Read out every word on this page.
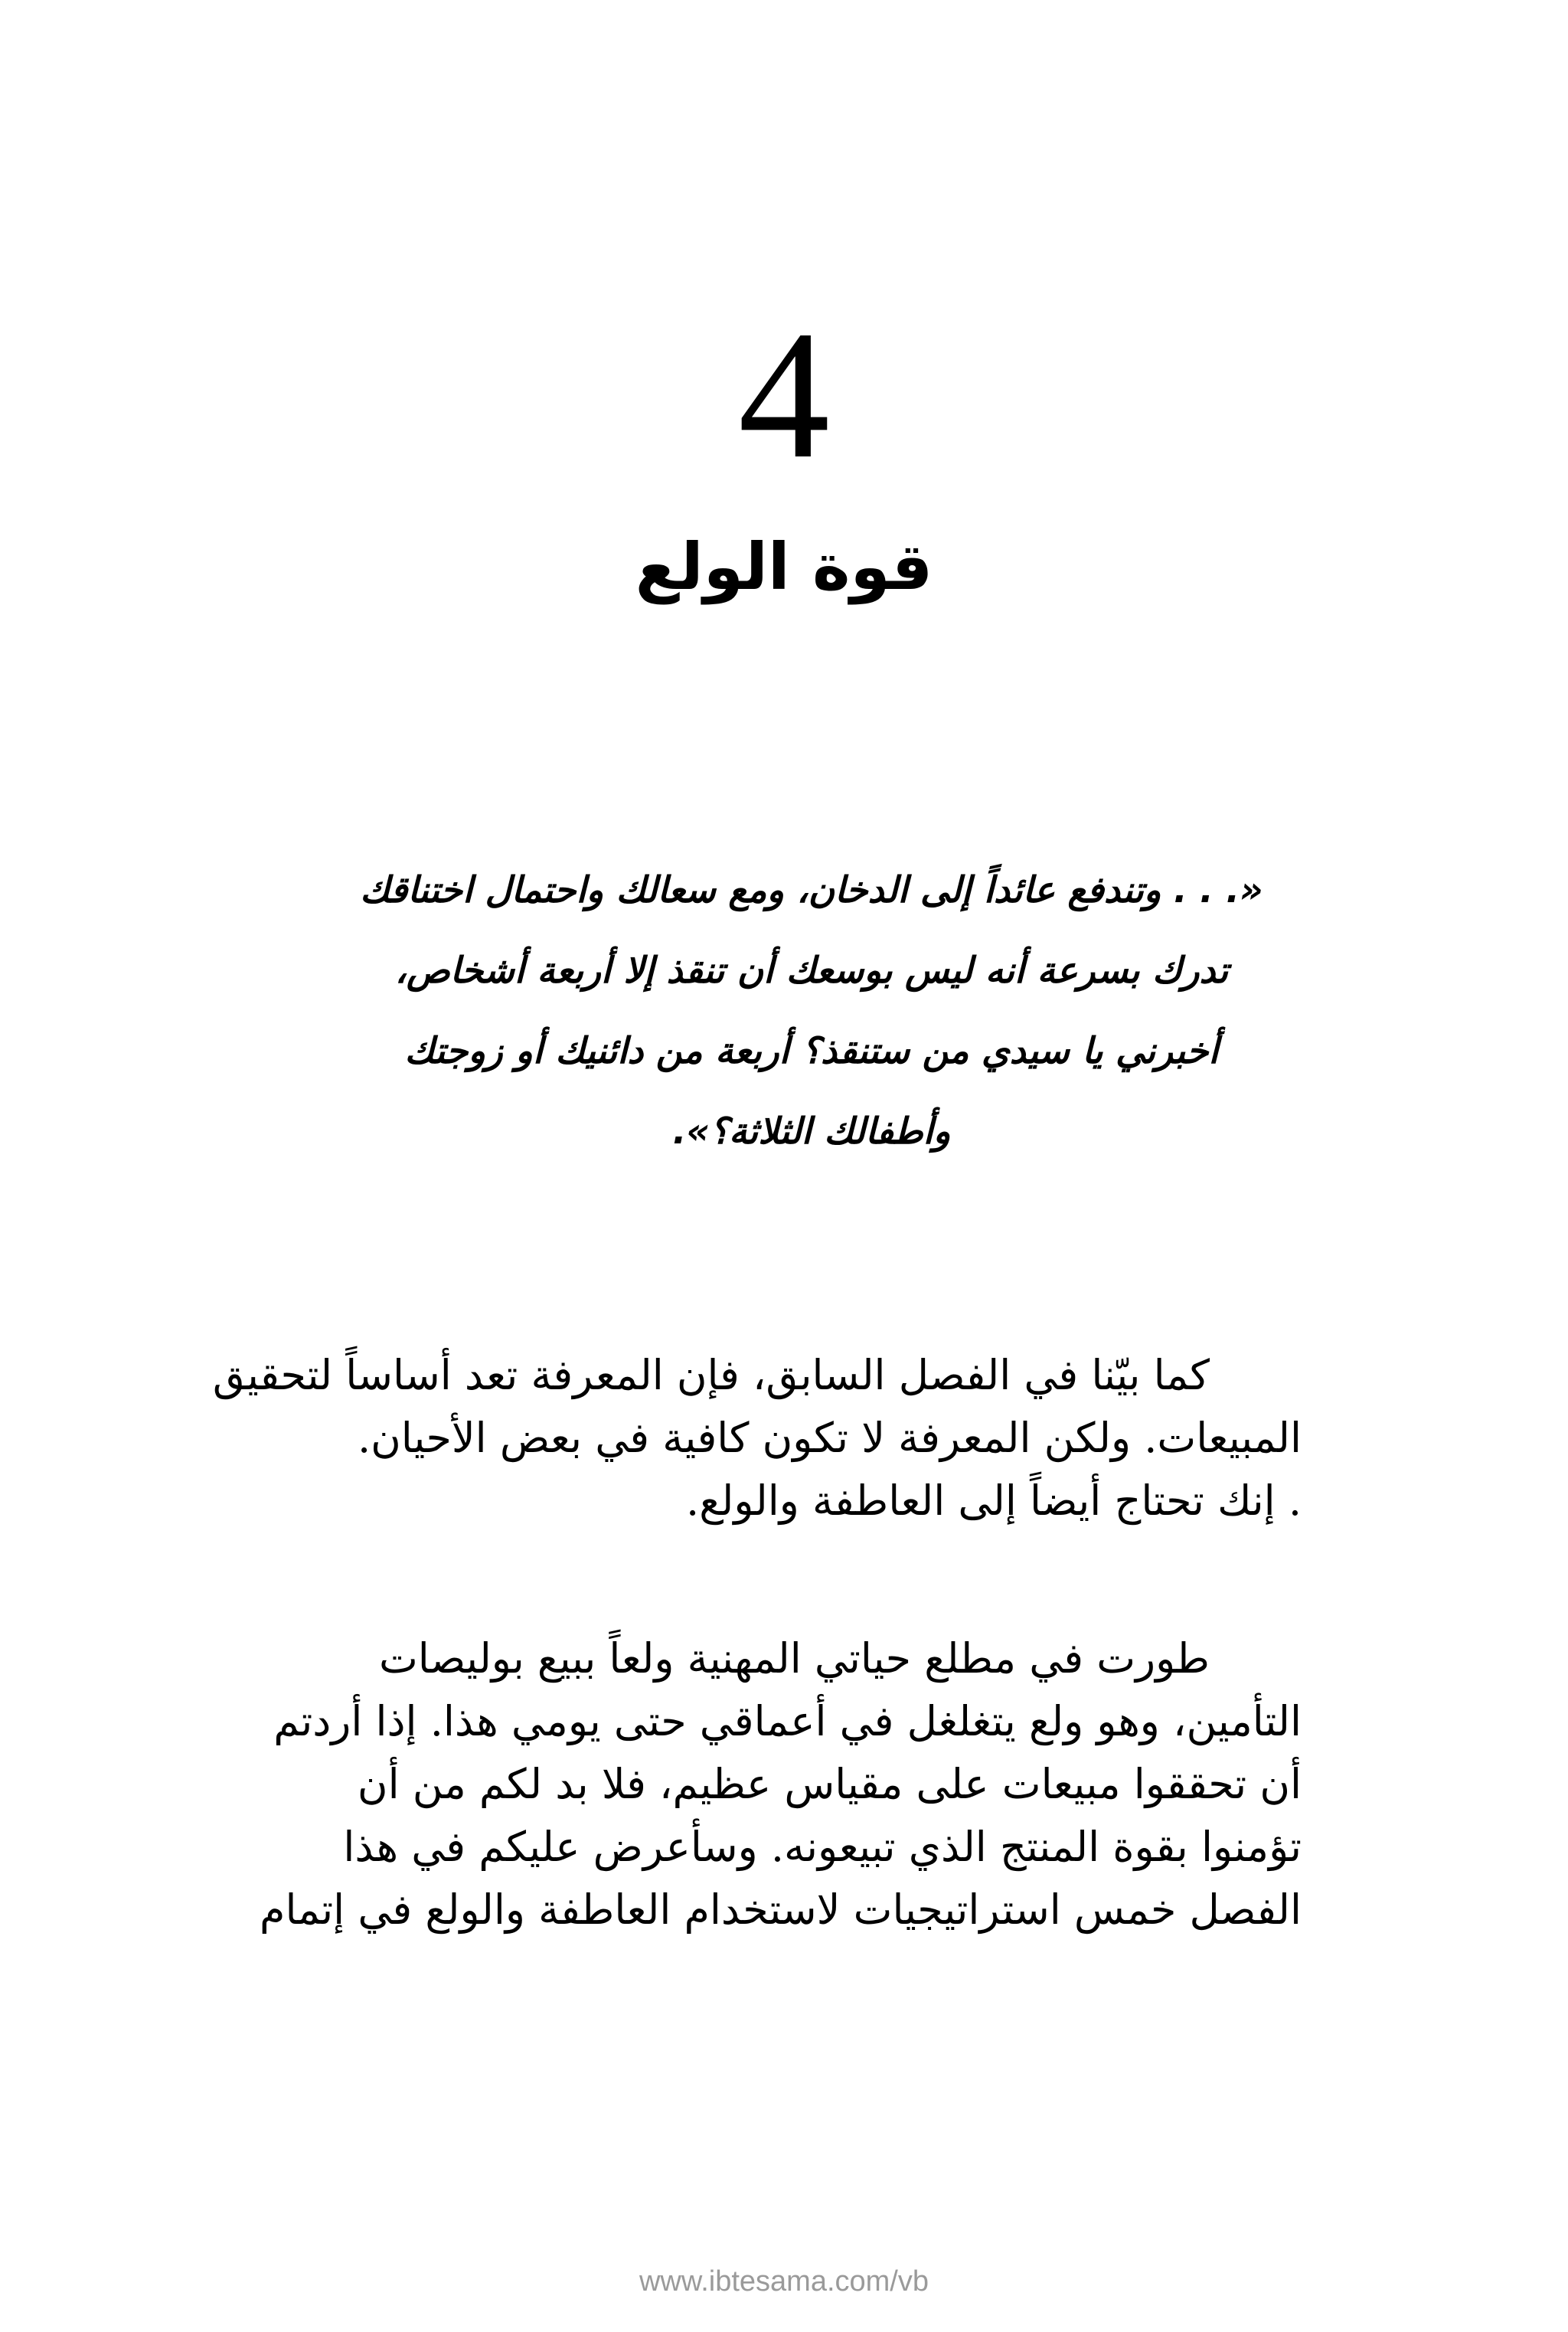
4
قوة الولع
«. . . وتندفع عائداً إلى الدخان، ومع سعالك واحتمال اختناقك
تدرك بسرعة أنه ليس بوسعك أن تنقذ إلا أربعة أشخاص،
أخبرني يا سيدي من ستنقذ؟ أربعة من دائنيك أو زوجتك
وأطفالك الثلاثة؟».
كما بيّنا في الفصل السابق، فإن المعرفة تعد أساساً لتحقيق
المبيعات. ولكن المعرفة لا تكون كافية في بعض الأحيان.
. إنك تحتاج أيضاً إلى العاطفة والولع.
طورت في مطلع حياتي المهنية ولعاً ببيع بوليصات
التأمين، وهو ولع يتغلغل في أعماقي حتى يومي هذا. إذا أردتم
أن تحققوا مبيعات على مقياس عظيم، فلا بد لكم من أن
تؤمنوا بقوة المنتج الذي تبيعونه. وسأعرض عليكم في هذا
الفصل خمس استراتيجيات لاستخدام العاطفة والولع في إتمام
www.ibtesama.com/vb
